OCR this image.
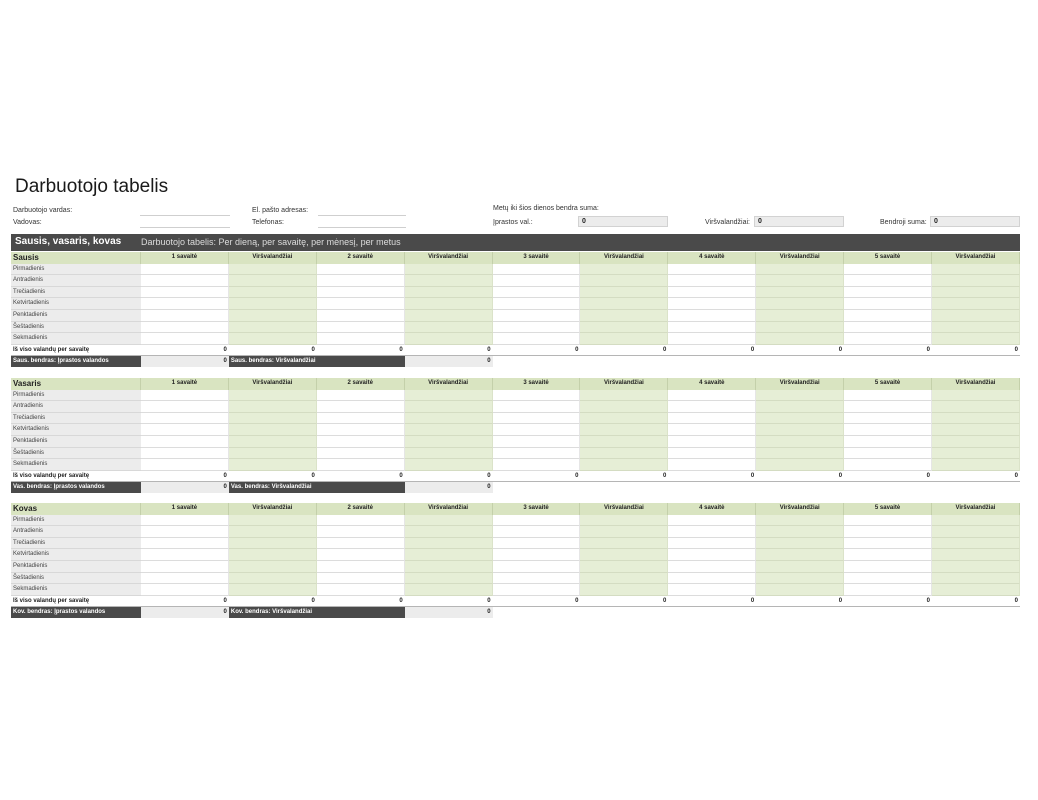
Darbuotojo tabelis
Darbuotojo vardas:
Vadovas:
El. pašto adresas:
Telefonas:
Metų iki šios dienos bendra suma:
Įprastos val.:	0	Viršvalandžiai:	0	Bendroji suma:	0
Sausis, vasaris, kovas Darbuotojo tabelis: Per dieną, per savaitę, per mėnesį, per metus
Sausis	1 savaitė	Viršvalandžiai	2 savaitė	Viršvalandžiai	3 savaitė	Viršvalandžiai	4 savaitė	Viršvalandžiai	5 savaitė	Viršvalandžiai
Pirmadienis
Antradienis
Trečiadienis
Ketvirtadienis
Penktadienis
Šeštadienis
Sekmadienis
Iš viso valandų per savaitę	0	0	0	0	0	0	0	0	0	0
Saus. bendras: Įprastos valandos	0 Saus. bendras: Viršvalandžiai	0
Vasaris	1 savaitė	Viršvalandžiai	2 savaitė	Viršvalandžiai	3 savaitė	Viršvalandžiai	4 savaitė	Viršvalandžiai	5 savaitė	Viršvalandžiai
Pirmadienis
Antradienis
Trečiadienis
Ketvirtadienis
Penktadienis
Šeštadienis
Sekmadienis
Iš viso valandų per savaitę	0	0	0	0	0	0	0	0	0	0
Vas. bendras: Įprastos valandos	0 Vas. bendras: Viršvalandžiai	0
Kovas	1 savaitė	Viršvalandžiai	2 savaitė	Viršvalandžiai	3 savaitė	Viršvalandžiai	4 savaitė	Viršvalandžiai	5 savaitė	Viršvalandžiai
Pirmadienis
Antradienis
Trečiadienis
Ketvirtadienis
Penktadienis
Šeštadienis
Sekmadienis
Iš viso valandų per savaitę	0	0	0	0	0	0	0	0	0	0
Kov. bendras: Įprastos valandos	0 Kov. bendras: Viršvalandžiai	0
